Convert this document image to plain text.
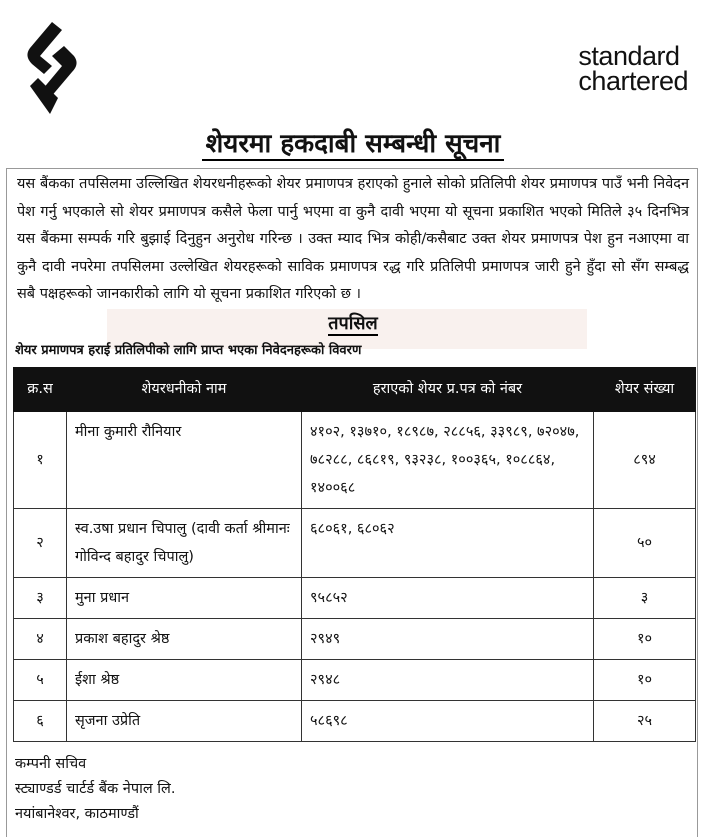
standard
chartered
शेयरमा हकदाबी सम्बन्धी सूचना
यस बैंकका तपसिलमा उल्लिखित शेयरधनीहरूको शेयर प्रमाणपत्र हराएको हुनाले सोको प्रतिलिपी शेयर प्रमाणपत्र पाउँ भनी निवेदन पेश गर्नु भएकाले सो शेयर प्रमाणपत्र कसैले फेला पार्नु भएमा वा कुनै दावी भएमा यो सूचना प्रकाशित भएको मितिले ३५ दिनभित्र यस बैंकमा सम्पर्क गरि बुझाई दिनुहुन अनुरोध गरिन्छ । उक्त म्याद भित्र कोही/कसैबाट उक्त शेयर प्रमाणपत्र पेश हुन नआएमा वा कुनै दावी नपरेमा तपसिलमा उल्लेखित शेयरहरूको साविक प्रमाणपत्र रद्ध गरि प्रतिलिपी प्रमाणपत्र जारी हुने हुँदा सो सँग सम्बद्ध सबै पक्षहरूको जानकारीको लागि यो सूचना प्रकाशित गरिएको छ ।
तपसिल
शेयर प्रमाणपत्र हराई प्रतिलिपीको लागि प्राप्त भएका निवेदनहरूको विवरण
क्र.स	शेयरधनीको नाम	हराएको शेयर प्र.पत्र को नंबर	शेयर संख्या
१	मीना कुमारी रौनियार	४१०२, १३७१०, १८९८७, २८८५६, ३३९८९, ७२०४७, ७८२८८, ८६८१९, ९३२३८, १००३६५, १०८८६४, १४००६८	८९४
२	स्व.उषा प्रधान चिपालु (दावी कर्ता श्रीमानः गोविन्द बहादुर चिपालु)	६८०६१, ६८०६२	५०
३	मुना प्रधान	९५८५२	३
४	प्रकाश बहादुर श्रेष्ठ	२९४९	१०
५	ईशा श्रेष्ठ	२९४८	१०
६	सृजना उप्रेति	५८६९८	२५
कम्पनी सचिव
स्ट्याण्डर्ड चार्टर्ड बैंक नेपाल लि.
नयांबानेश्वर, काठमाण्डौं
